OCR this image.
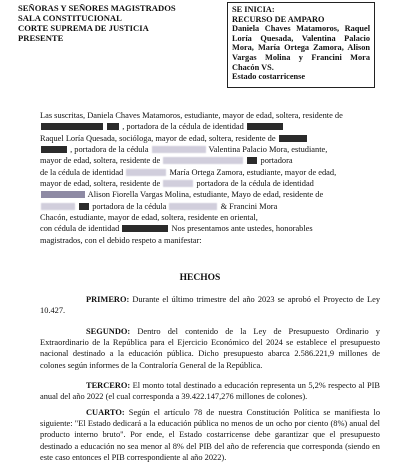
SEÑORAS Y SEÑORES MAGISTRADOS
SALA CONSTITUCIONAL
CORTE SUPREMA DE JUSTICIA
PRESENTE
SE INICIA:
RECURSO DE AMPARO
Daniela Chaves Matamoros, Raquel Loría Quesada, Valentina Palacio Mora, María Ortega Zamora, Alison Vargas Molina y Francini Mora Chacón VS.
Estado costarricense
Las suscritas, Daniela Chaves Matamoros, estudiante, mayor de edad, soltera, residente de
, portadora de la cédula de identidad
Raquel Loría Quesada, socióloga, mayor de edad, soltera, residente de
, portadora de la cédula	Valentina Palacio Mora, estudiante,
mayor de edad, soltera, residente de	portadora
de la cédula de identidad	María Ortega Zamora, estudiante, mayor de edad,
mayor de edad, soltera, residente de	portadora de la cédula de identidad
Alison Fiorella Vargas Molina, estudiante, Mayo de edad, residente de
portadora de la cédula	& Francini Mora
Chacón, estudiante, mayor de edad, soltera, residente en oriental,
con cédula de identidad	Nos presentamos ante ustedes, honorables
magistrados, con el debido respeto a manifestar:
HECHOS
PRIMERO: Durante el último trimestre del año 2023 se aprobó el Proyecto de Ley 10.427.
SEGUNDO: Dentro del contenido de la Ley de Presupuesto Ordinario y Extraordinario de la República para el Ejercicio Económico del 2024 se establece el presupuesto nacional destinado a la educación pública. Dicho presupuesto abarca 2.586.221,9 millones de colones según informes de la Contraloría General de la República.
TERCERO: El monto total destinado a educación representa un 5,2% respecto al PIB anual del año 2022 (el cual corresponda a 39.422.147,276 millones de colones).
CUARTO: Según el artículo 78 de nuestra Constitución Política se manifiesta lo siguiente: "El Estado dedicará a la educación pública no menos de un ocho por ciento (8%) anual del producto interno bruto". Por ende, el Estado costarricense debe garantizar que el presupuesto destinado a educación no sea menor al 8% del PIB del año de referencia que corresponda (siendo en este caso entonces el PIB correspondiente al año 2022).
